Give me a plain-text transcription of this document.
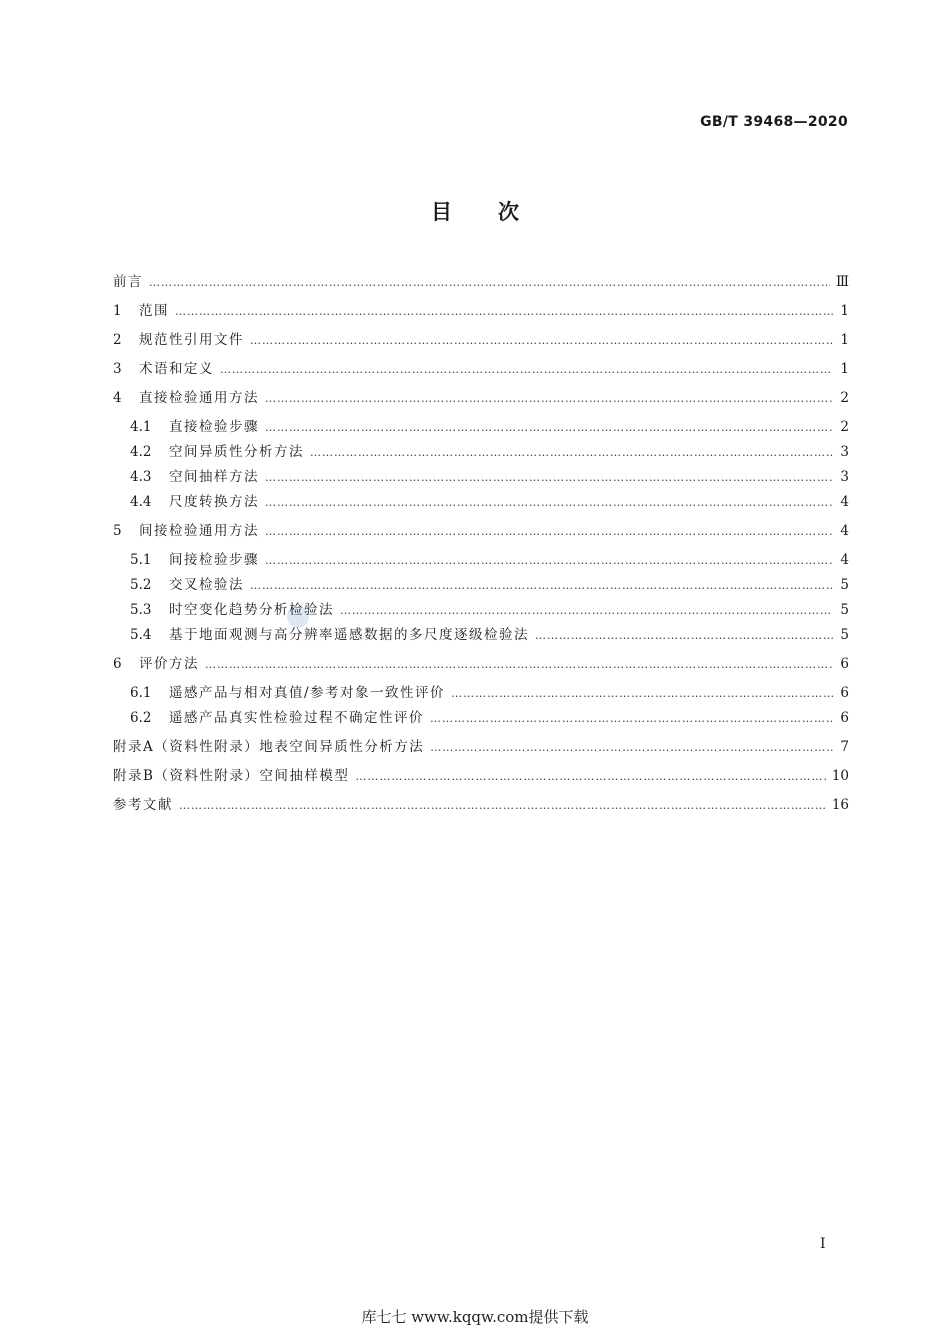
GB/T 39468—2020
目次
前言 ………………………………………………………………………………………………………………………………………………………………………………………………	Ⅲ
1	范围 ………………………………………………………………………………………………………………………………………………………………………………………………	1
2	规范性引用文件 ………………………………………………………………………………………………………………………………………………………………………………………………	1
3	术语和定义 ………………………………………………………………………………………………………………………………………………………………………………………………	1
4	直接检验通用方法 ………………………………………………………………………………………………………………………………………………………………………………………………	2
4.1	直接检验步骤 ………………………………………………………………………………………………………………………………………………………………………………………………	2
4.2	空间异质性分析方法 ………………………………………………………………………………………………………………………………………………………………………………………………	3
4.3	空间抽样方法 ………………………………………………………………………………………………………………………………………………………………………………………………	3
4.4	尺度转换方法 ………………………………………………………………………………………………………………………………………………………………………………………………	4
5	间接检验通用方法 ………………………………………………………………………………………………………………………………………………………………………………………………	4
5.1	间接检验步骤 ………………………………………………………………………………………………………………………………………………………………………………………………	4
5.2	交叉检验法 ………………………………………………………………………………………………………………………………………………………………………………………………	5
5.3	时空变化趋势分析检验法 ………………………………………………………………………………………………………………………………………………………………………………………………	5
5.4	基于地面观测与高分辨率遥感数据的多尺度逐级检验法 ………………………………………………………………………………………………………………………………………………………………………………………………	5
6	评价方法 ………………………………………………………………………………………………………………………………………………………………………………………………	6
6.1	遥感产品与相对真值/参考对象一致性评价 ………………………………………………………………………………………………………………………………………………………………………………………………	6
6.2	遥感产品真实性检验过程不确定性评价 ………………………………………………………………………………………………………………………………………………………………………………………………	6
附录A（资料性附录）地表空间异质性分析方法 ………………………………………………………………………………………………………………………………………………………………………………………………	7
附录B（资料性附录）空间抽样模型 ………………………………………………………………………………………………………………………………………………………………………………………………	10
参考文献 ………………………………………………………………………………………………………………………………………………………………………………………………	16
Ⅰ
库七七 www.kqqw.com提供下载
